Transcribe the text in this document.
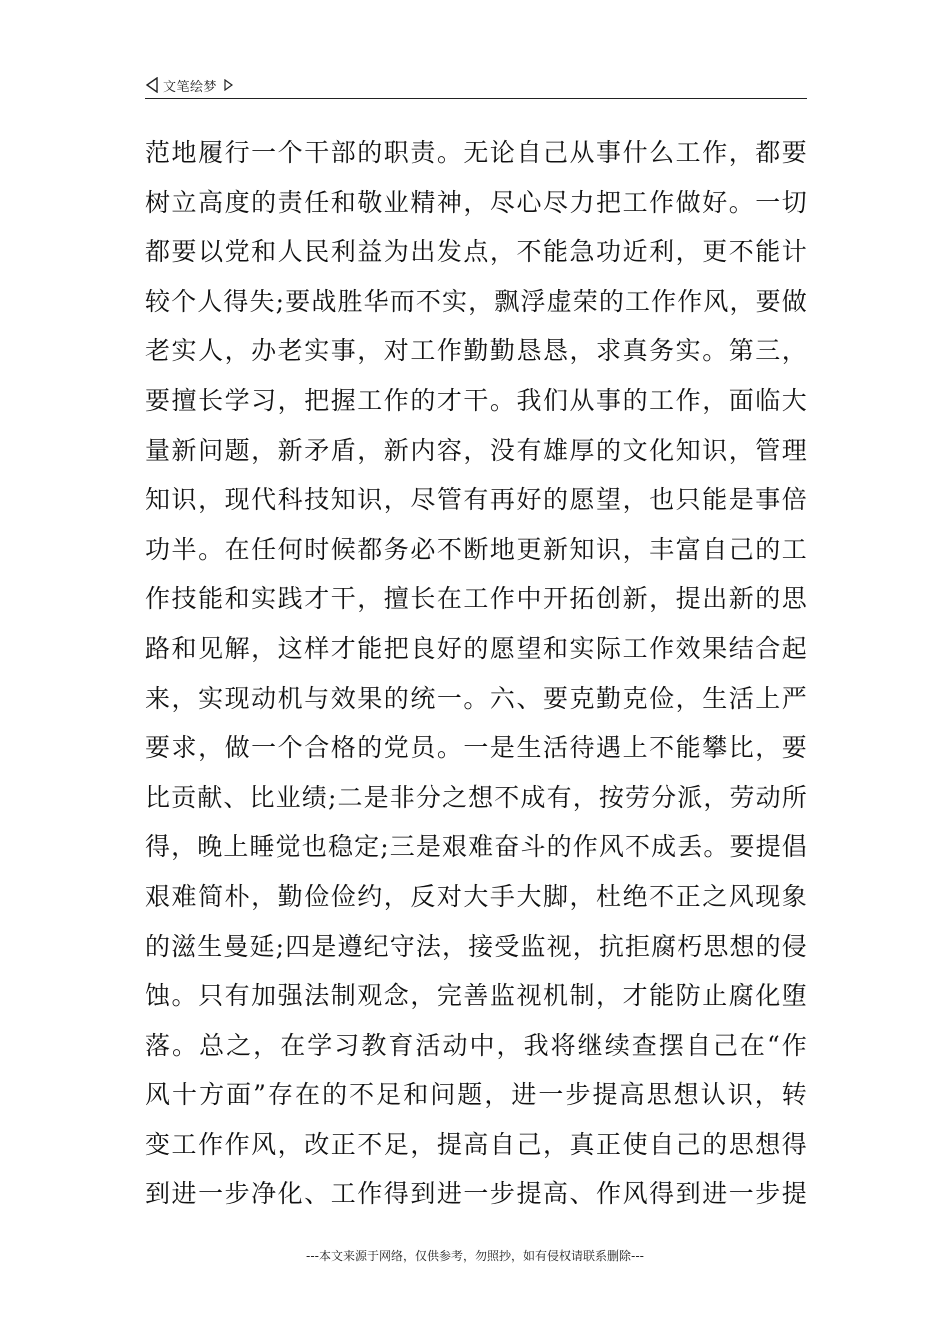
文笔绘梦
范地履行一个干部的职责。无论自己从事什么工作，都要
树立高度的责任和敬业精神，尽心尽力把工作做好。一切
都要以党和人民利益为出发点，不能急功近利，更不能计
较个人得失;要战胜华而不实，飘浮虚荣的工作作风，要做
老实人，办老实事，对工作勤勤恳恳，求真务实。第三，
要擅长学习，把握工作的才干。我们从事的工作，面临大
量新问题，新矛盾，新内容，没有雄厚的文化知识，管理
知识，现代科技知识，尽管有再好的愿望，也只能是事倍
功半。在任何时候都务必不断地更新知识，丰富自己的工
作技能和实践才干，擅长在工作中开拓创新，提出新的思
路和见解，这样才能把良好的愿望和实际工作效果结合起
来，实现动机与效果的统一。六、要克勤克俭，生活上严
要求，做一个合格的党员。一是生活待遇上不能攀比，要
比贡献、比业绩;二是非分之想不成有，按劳分派，劳动所
得，晚上睡觉也稳定;三是艰难奋斗的作风不成丢。要提倡
艰难简朴，勤俭俭约，反对大手大脚，杜绝不正之风现象
的滋生曼延;四是遵纪守法，接受监视，抗拒腐朽思想的侵
蚀。只有加强法制观念，完善监视机制，才能防止腐化堕
落。总之，在学习教育活动中，我将继续查摆自己在“作
风十方面”存在的不足和问题，进一步提高思想认识，转
变工作作风，改正不足，提高自己，真正使自己的思想得
到进一步净化、工作得到进一步提高、作风得到进一步提
---本文来源于网络，仅供参考，勿照抄，如有侵权请联系删除---
